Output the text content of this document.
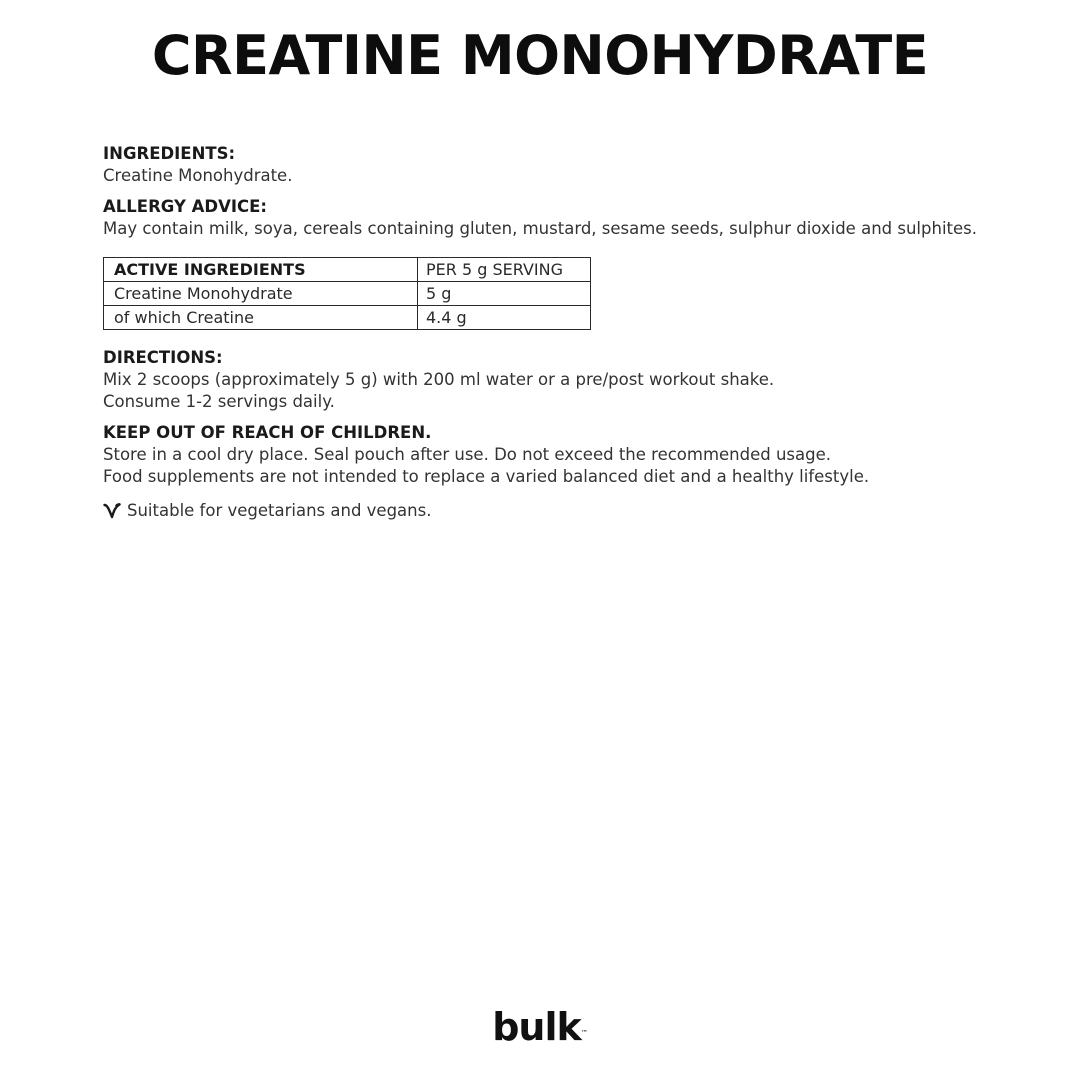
CREATINE MONOHYDRATE

INGREDIENTS:

Creatine Monohydrate.

ALLERGY ADVICE:

May contain milk, soya, cereals containing gluten, mustard, sesame seeds, sulphur dioxide and sulphites.

ACTIVE INGREDIENTS	PER 5 g SERVING
Creatine Monohydrate	5 g
of which Creatine	4.4 g

DIRECTIONS:

Mix 2 scoops (approximately 5 g) with 200 ml water or a pre/post workout shake.

Consume 1-2 servings daily.

KEEP OUT OF REACH OF CHILDREN.

Store in a cool dry place. Seal pouch after use. Do not exceed the recommended usage.

Food supplements are not intended to replace a varied balanced diet and a healthy lifestyle.

Suitable for vegetarians and vegans.
bulk™
